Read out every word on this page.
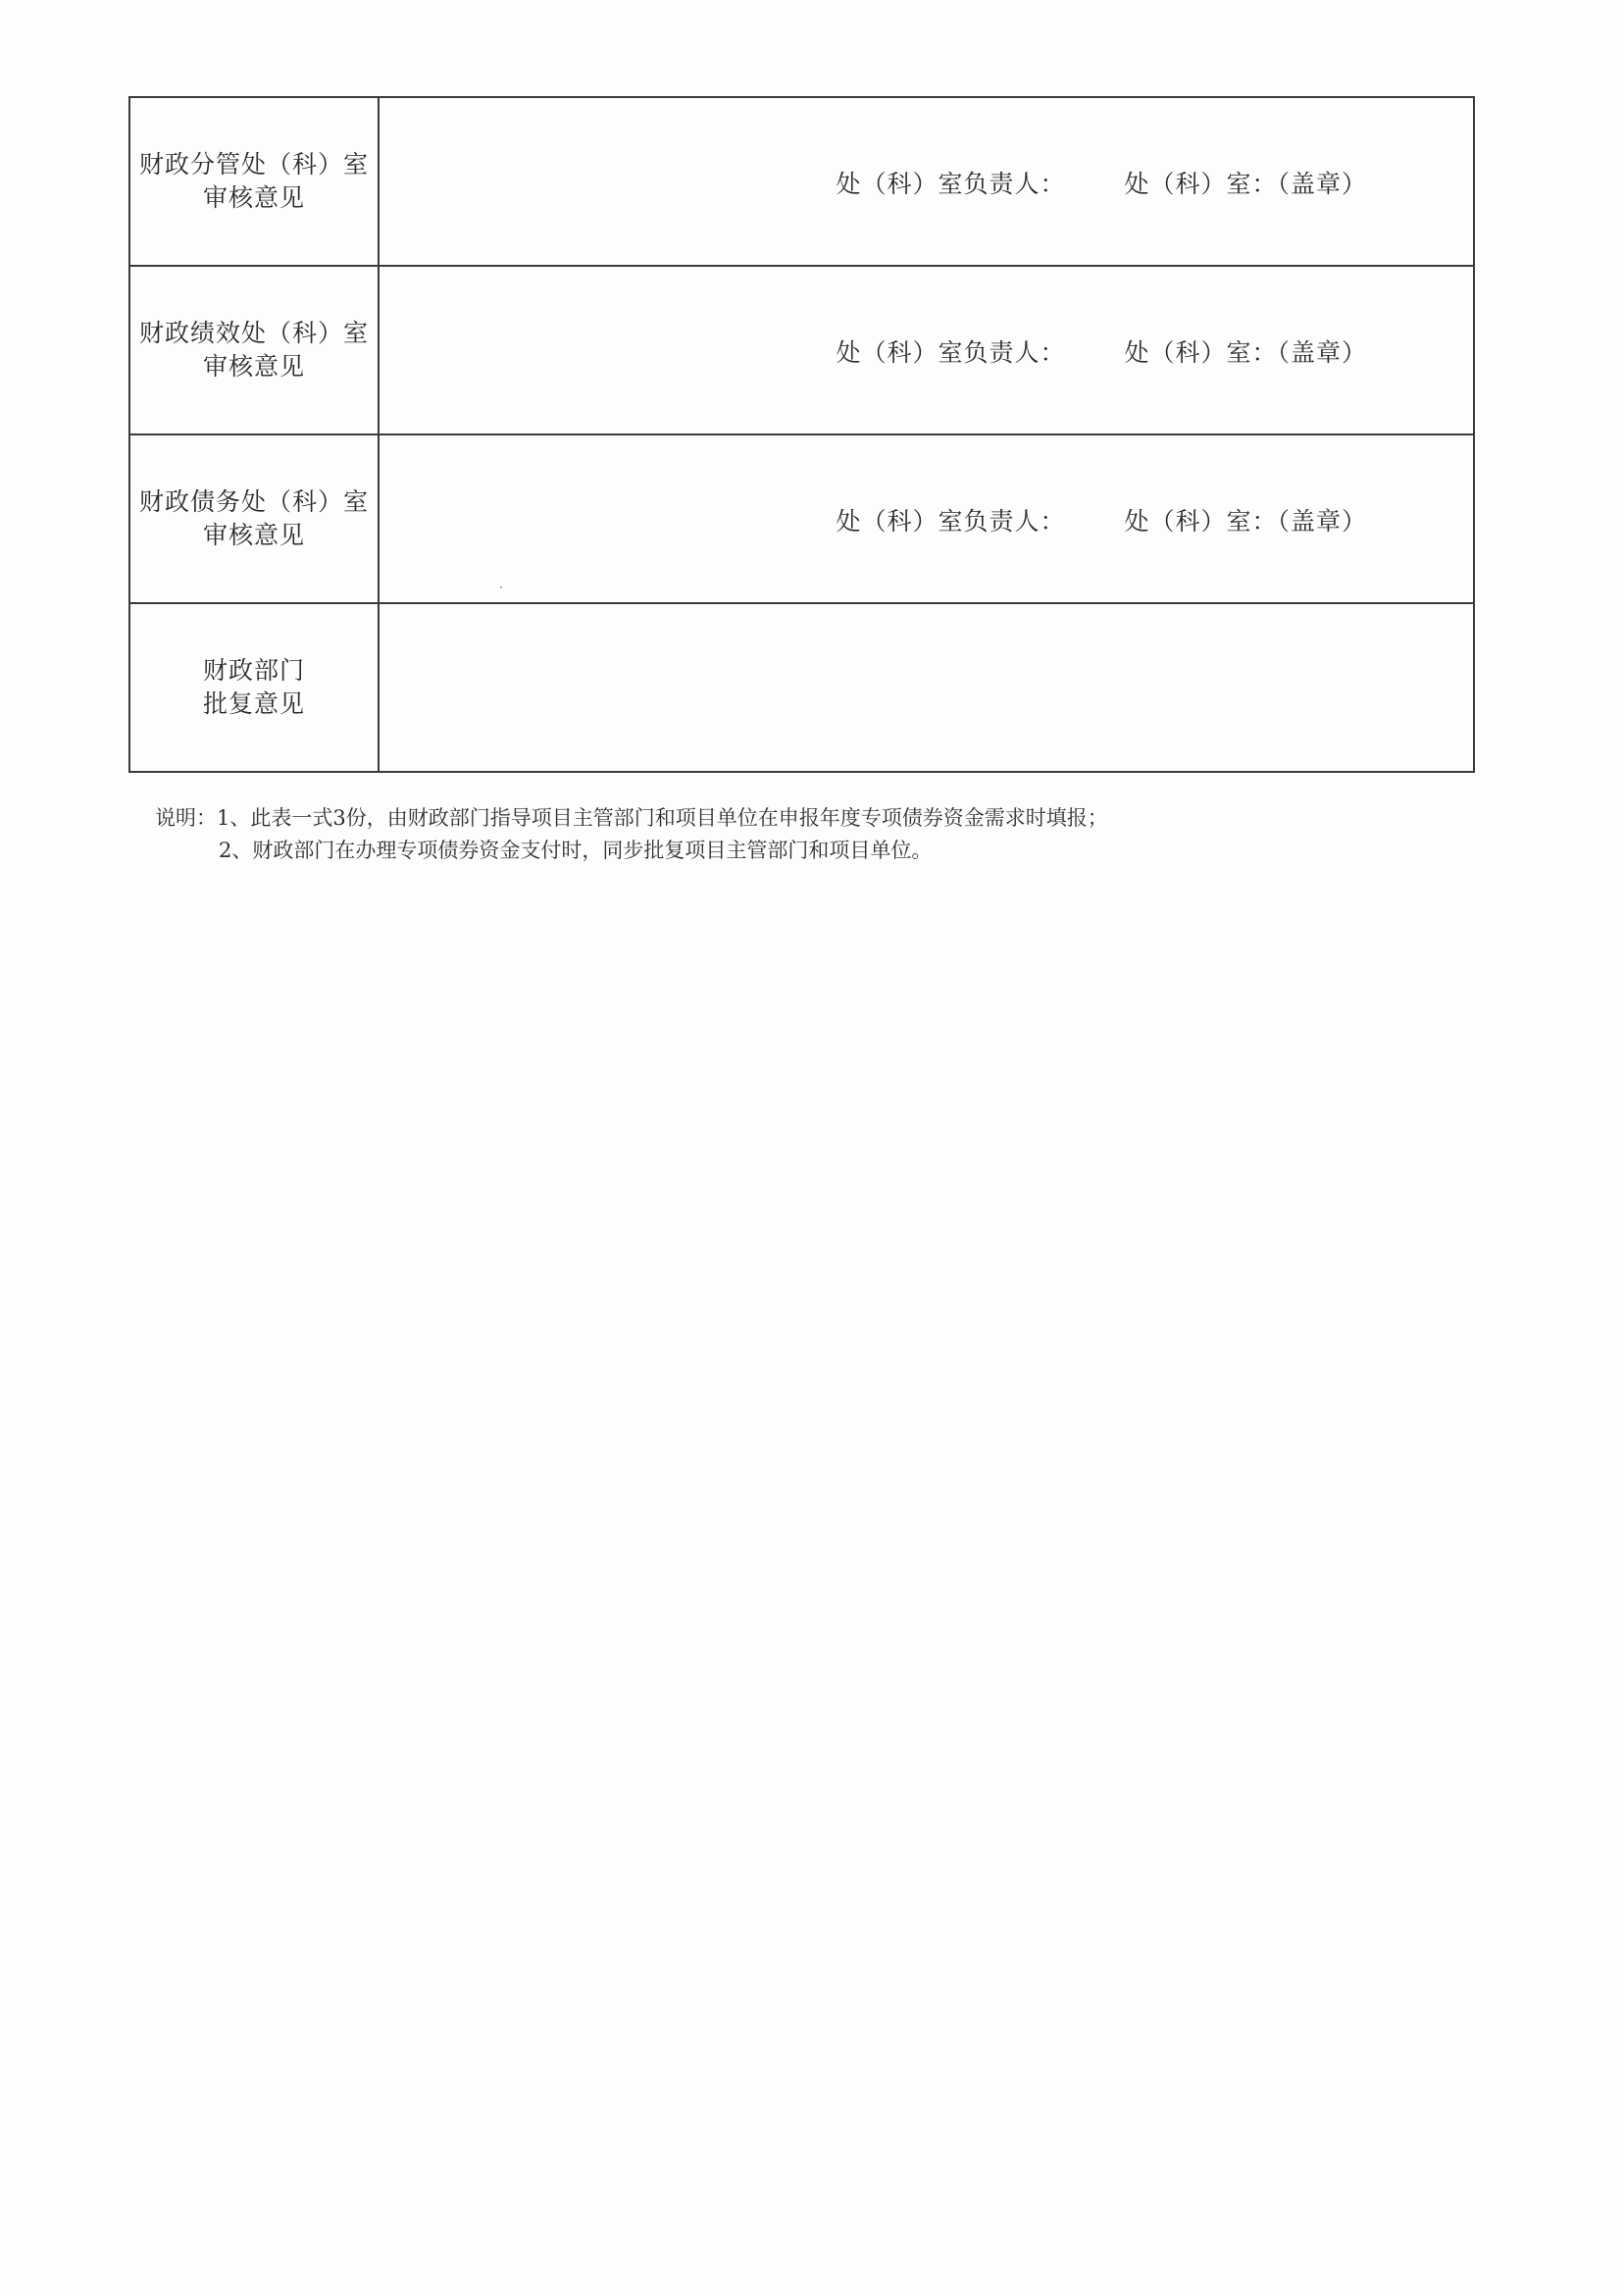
财政分管处（科）室
审核意见	处（科）室负责人： 处（科）室：（盖章）

财政绩效处（科）室
审核意见	处（科）室负责人： 处（科）室：（盖章）

财政债务处（科）室
审核意见	处（科）室负责人： 处（科）室：（盖章）

财政部门
批复意见	

说明：1、此表一式3份，由财政部门指导项目主管部门和项目单位在申报年度专项债券资金需求时填报；
2、财政部门在办理专项债券资金支付时，同步批复项目主管部门和项目单位。
